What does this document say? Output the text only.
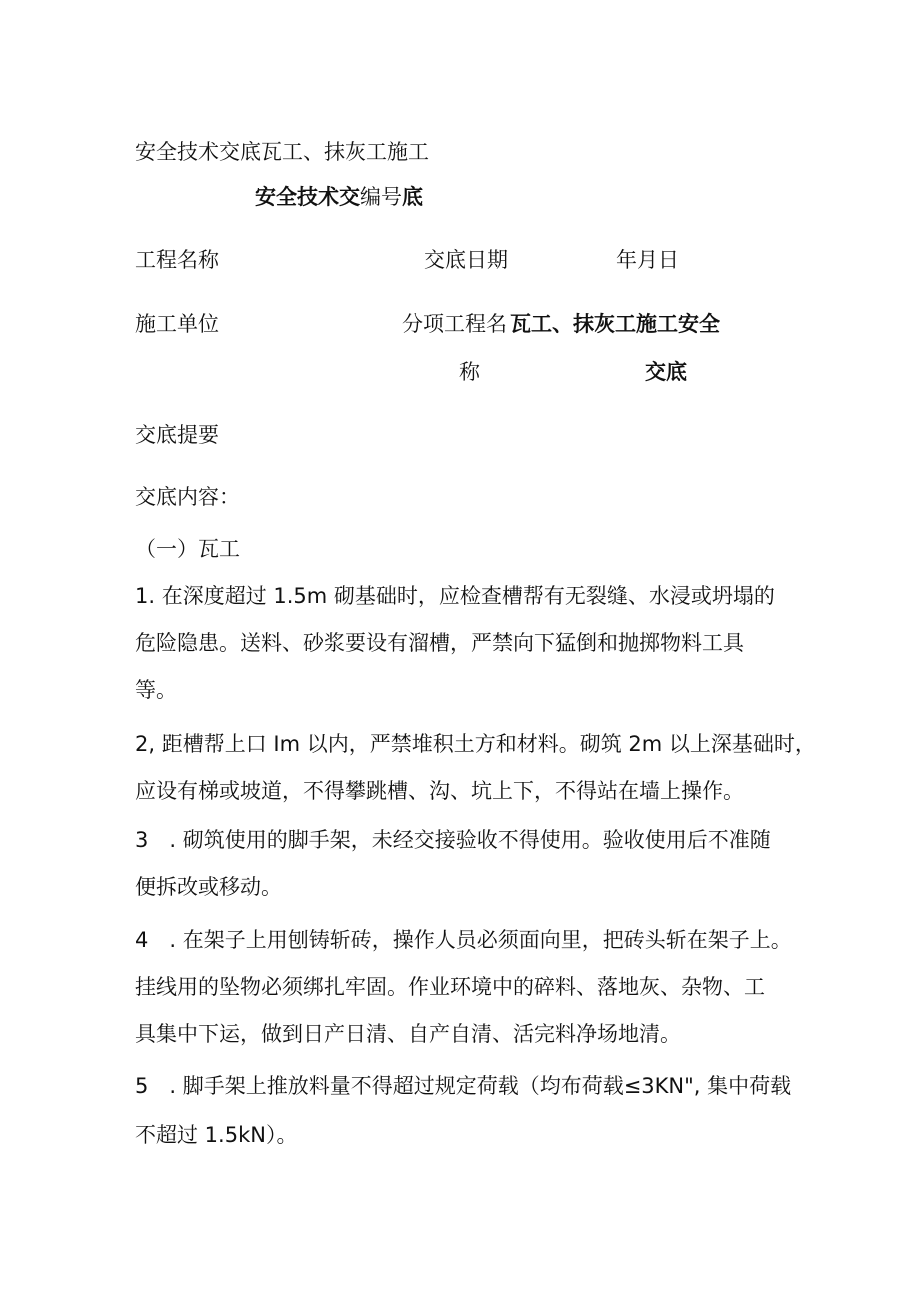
安全技术交底瓦工、抹灰工施工
安全技术交编号底
工程名称	交底日期	年月日
施工单位	分项工程名 瓦工、抹灰工施工安全
称	交底
交底提要
交底内容：
（一）瓦工
1. 在深度超过 1.5m 砌基础时，应检查槽帮有无裂缝、水浸或坍塌的
危险隐患。送料、砂浆要设有溜槽，严禁向下猛倒和抛掷物料工具
等。
2, 距槽帮上口 Im 以内，严禁堆积土方和材料。砌筑 2m 以上深基础时，
应设有梯或坡道，不得攀跳槽、沟、坑上下，不得站在墙上操作。
3　. 砌筑使用的脚手架，未经交接验收不得使用。验收使用后不准随
便拆改或移动。
4　. 在架子上用刨铸斩砖，操作人员必须面向里，把砖头斩在架子上。
挂线用的坠物必须绑扎牢固。作业环境中的碎料、落地灰、杂物、工
具集中下运，做到日产日清、自产自清、活完料净场地清。
5　. 脚手架上推放料量不得超过规定荷载（均布荷载≤3KN", 集中荷载
不超过 1.5kN）。
